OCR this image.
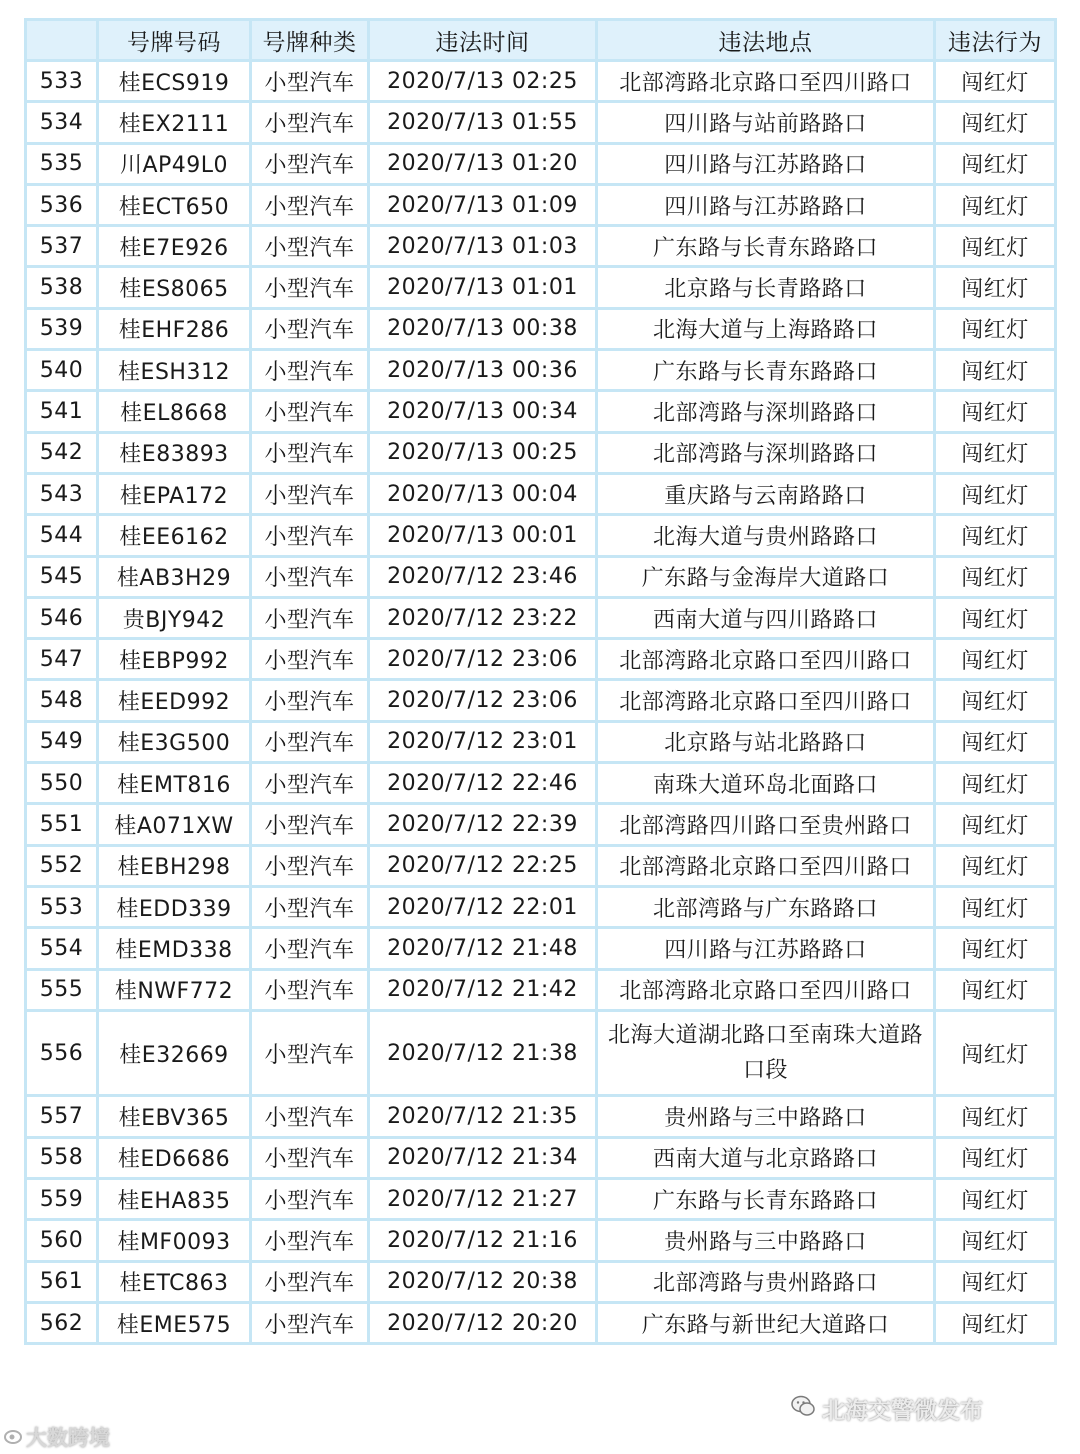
	号牌号码	号牌种类	违法时间	违法地点	违法行为
533	桂ECS919	小型汽车	2020/7/13 02:25	北部湾路北京路口至四川路口	闯红灯
534	桂EX2111	小型汽车	2020/7/13 01:55	四川路与站前路路口	闯红灯
535	川AP49L0	小型汽车	2020/7/13 01:20	四川路与江苏路路口	闯红灯
536	桂ECT650	小型汽车	2020/7/13 01:09	四川路与江苏路路口	闯红灯
537	桂E7E926	小型汽车	2020/7/13 01:03	广东路与长青东路路口	闯红灯
538	桂ES8065	小型汽车	2020/7/13 01:01	北京路与长青路路口	闯红灯
539	桂EHF286	小型汽车	2020/7/13 00:38	北海大道与上海路路口	闯红灯
540	桂ESH312	小型汽车	2020/7/13 00:36	广东路与长青东路路口	闯红灯
541	桂EL8668	小型汽车	2020/7/13 00:34	北部湾路与深圳路路口	闯红灯
542	桂E83893	小型汽车	2020/7/13 00:25	北部湾路与深圳路路口	闯红灯
543	桂EPA172	小型汽车	2020/7/13 00:04	重庆路与云南路路口	闯红灯
544	桂EE6162	小型汽车	2020/7/13 00:01	北海大道与贵州路路口	闯红灯
545	桂AB3H29	小型汽车	2020/7/12 23:46	广东路与金海岸大道路口	闯红灯
546	贵BJY942	小型汽车	2020/7/12 23:22	西南大道与四川路路口	闯红灯
547	桂EBP992	小型汽车	2020/7/12 23:06	北部湾路北京路口至四川路口	闯红灯
548	桂EED992	小型汽车	2020/7/12 23:06	北部湾路北京路口至四川路口	闯红灯
549	桂E3G500	小型汽车	2020/7/12 23:01	北京路与站北路路口	闯红灯
550	桂EMT816	小型汽车	2020/7/12 22:46	南珠大道环岛北面路口	闯红灯
551	桂A071XW	小型汽车	2020/7/12 22:39	北部湾路四川路口至贵州路口	闯红灯
552	桂EBH298	小型汽车	2020/7/12 22:25	北部湾路北京路口至四川路口	闯红灯
553	桂EDD339	小型汽车	2020/7/12 22:01	北部湾路与广东路路口	闯红灯
554	桂EMD338	小型汽车	2020/7/12 21:48	四川路与江苏路路口	闯红灯
555	桂NWF772	小型汽车	2020/7/12 21:42	北部湾路北京路口至四川路口	闯红灯
556	桂E32669	小型汽车	2020/7/12 21:38	北海大道湖北路口至南珠大道路口段	闯红灯
557	桂EBV365	小型汽车	2020/7/12 21:35	贵州路与三中路路口	闯红灯
558	桂ED6686	小型汽车	2020/7/12 21:34	西南大道与北京路路口	闯红灯
559	桂EHA835	小型汽车	2020/7/12 21:27	广东路与长青东路路口	闯红灯
560	桂MF0093	小型汽车	2020/7/12 21:16	贵州路与三中路路口	闯红灯
561	桂ETC863	小型汽车	2020/7/12 20:38	北部湾路与贵州路路口	闯红灯
562	桂EME575	小型汽车	2020/7/12 20:20	广东路与新世纪大道路口	闯红灯
大数跨境
北海交警微发布
